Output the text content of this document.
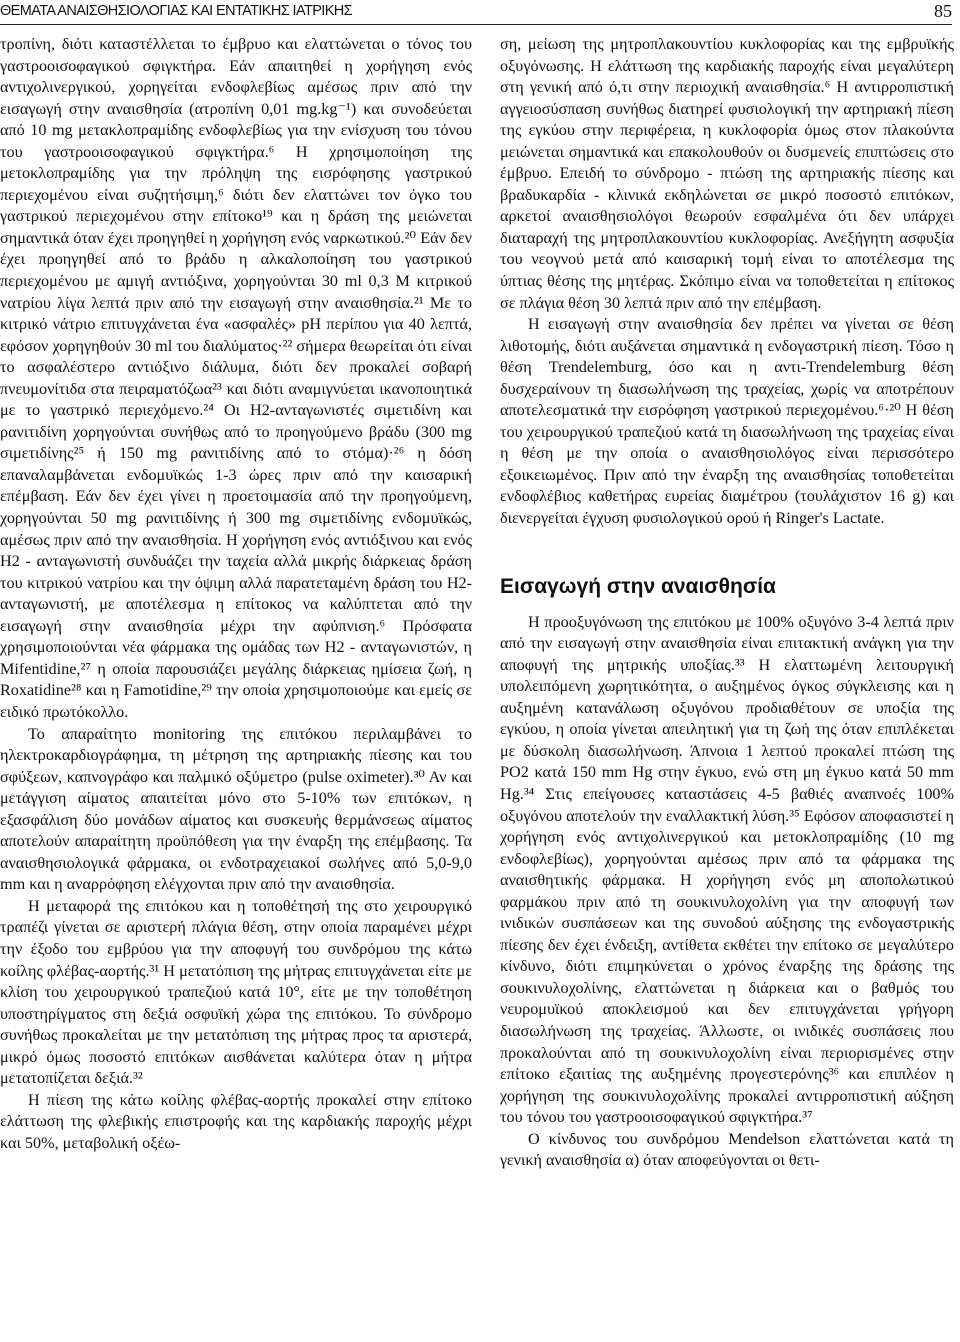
ΘΕΜΑΤΑ ΑΝΑΙΣΘΗΣΙΟΛΟΓΙΑΣ ΚΑΙ ΕΝΤΑΤΙΚΗΣ ΙΑΤΡΙΚΗΣ	85

τροπίνη, διότι καταστέλλεται το έμβρυο και ελαττώνεται ο τόνος του γαστροοισοφαγικού σφιγκτήρα. Εάν απαιτηθεί η χορήγηση ενός αντιχολινεργικού, χορηγείται ενδοφλεβίως αμέσως πριν από την εισαγωγή στην αναισθησία (ατροπίνη 0,01 mg.kg⁻¹) και συνοδεύεται από 10 mg μετακλοπραμίδης ενδοφλεβίως για την ενίσχυση του τόνου του γαστροοισοφαγικού σφιγκτήρα.⁶ Η χρησιμοποίηση της μετοκλοπραμίδης για την πρόληψη της εισρόφησης γαστρικού περιεχομένου είναι συζητήσιμη,⁶ διότι δεν ελαττώνει τον όγκο του γαστρικού περιεχομένου στην επίτοκο¹⁹ και η δράση της μειώνεται σημαντικά όταν έχει προηγηθεί η χορήγηση ενός ναρκωτικού.²⁰ Εάν δεν έχει προηγηθεί από το βράδυ η αλκαλοποίηση του γαστρικού περιεχομένου με αμιγή αντιόξινα, χορηγούνται 30 ml 0,3 Μ κιτρικού νατρίου λίγα λεπτά πριν από την εισαγωγή στην αναισθησία.²¹ Με το κιτρικό νάτριο επιτυγχάνεται ένα «ασφαλές» pH περίπου για 40 λεπτά, εφόσον χορηγηθούν 30 ml του διαλύματος·²² σήμερα θεωρείται ότι είναι το ασφαλέστερο αντιόξινο διάλυμα, διότι δεν προκαλεί σοβαρή πνευμονίτιδα στα πειραματόζωα²³ και διότι αναμιγνύεται ικανοποιητικά με το γαστρικό περιεχόμενο.²⁴ Οι Η2-ανταγωνιστές σιμετιδίνη και ρανιτιδίνη χορηγούνται συνήθως από το προηγούμενο βράδυ (300 mg σιμετιδίνης²⁵ ή 150 mg ρανιτιδίνης από το στόμα)·²⁶ η δόση επαναλαμβάνεται ενδομυϊκώς 1-3 ώρες πριν από την καισαρική επέμβαση. Εάν δεν έχει γίνει η προετοιμασία από την προηγούμενη, χορηγούνται 50 mg ρανιτιδίνης ή 300 mg σιμετιδίνης ενδομυϊκώς, αμέσως πριν από την αναισθησία. Η χορήγηση ενός αντιόξινου και ενός Η2 - ανταγωνιστή συνδυάζει την ταχεία αλλά μικρής διάρκειας δράση του κιτρικού νατρίου και την όψιμη αλλά παρατεταμένη δράση του Η2-ανταγωνιστή, με αποτέλεσμα η επίτοκος να καλύπτεται από την εισαγωγή στην αναισθησία μέχρι την αφύπνιση.⁶ Πρόσφατα χρησιμοποιούνται νέα φάρμακα της ομάδας των Η2 - ανταγωνιστών, η Mifentidine,²⁷ η οποία παρουσιάζει μεγάλης διάρκειας ημίσεια ζωή, η Roxatidine²⁸ και η Famotidine,²⁹ την οποία χρησιμοποιούμε και εμείς σε ειδικό πρωτόκολλο.

Το απαραίτητο monitoring της επιτόκου περιλαμβάνει το ηλεκτροκαρδιογράφημα, τη μέτρηση της αρτηριακής πίεσης και του σφύξεων, καπνογράφο και παλμικό οξύμετρο (pulse oximeter).³⁰ Αν και μετάγγιση αίματος απαιτείται μόνο στο 5-10% των επιτόκων, η εξασφάλιση δύο μονάδων αίματος και συσκευής θερμάνσεως αίματος αποτελούν απαραίτητη προϋπόθεση για την έναρξη της επέμβασης. Τα αναισθησιολογικά φάρμακα, οι ενδοτραχειακοί σωλήνες από 5,0-9,0 mm και η αναρρόφηση ελέγχονται πριν από την αναισθησία.

Η μεταφορά της επιτόκου και η τοποθέτησή της στο χειρουργικό τραπέζι γίνεται σε αριστερή πλάγια θέση, στην οποία παραμένει μέχρι την έξοδο του εμβρύου για την αποφυγή του συνδρόμου της κάτω κοίλης φλέβας-αορτής.³¹ Η μετατόπιση της μήτρας επιτυγχάνεται είτε με κλίση του χειρουργικού τραπεζιού κατά 10°, είτε με την τοποθέτηση υποστηρίγματος στη δεξιά οσφυϊκή χώρα της επιτόκου. Το σύνδρομο συνήθως προκαλείται με την μετατόπιση της μήτρας προς τα αριστερά, μικρό όμως ποσοστό επιτόκων αισθάνεται καλύτερα όταν η μήτρα μετατοπίζεται δεξιά.³²

Η πίεση της κάτω κοίλης φλέβας-αορτής προκαλεί στην επίτοκο ελάττωση της φλεβικής επιστροφής και της καρδιακής παροχής μέχρι και 50%, μεταβολική οξέω-

ση, μείωση της μητροπλακουντίου κυκλοφορίας και της εμβρυϊκής οξυγόνωσης. Η ελάττωση της καρδιακής παροχής είναι μεγαλύτερη στη γενική από ό,τι στην περιοχική αναισθησία.⁶ Η αντιρροπιστική αγγειοσύσπαση συνήθως διατηρεί φυσιολογική την αρτηριακή πίεση της εγκύου στην περιφέρεια, η κυκλοφορία όμως στον πλακούντα μειώνεται σημαντικά και επακολουθούν οι δυσμενείς επιπτώσεις στο έμβρυο. Επειδή το σύνδρομο - πτώση της αρτηριακής πίεσης και βραδυκαρδία - κλινικά εκδηλώνεται σε μικρό ποσοστό επιτόκων, αρκετοί αναισθησιολόγοι θεωρούν εσφαλμένα ότι δεν υπάρχει διαταραχή της μητροπλακουντίου κυκλοφορίας. Ανεξήγητη ασφυξία του νεογνού μετά από καισαρική τομή είναι το αποτέλεσμα της ύπτιας θέσης της μητέρας. Σκόπιμο είναι να τοποθετείται η επίτοκος σε πλάγια θέση 30 λεπτά πριν από την επέμβαση.

Η εισαγωγή στην αναισθησία δεν πρέπει να γίνεται σε θέση λιθοτομής, διότι αυξάνεται σημαντικά η ενδογαστρική πίεση. Τόσο η θέση Trendelemburg, όσο και η αντι-Trendelemburg θέση δυσχεραίνουν τη διασωλήνωση της τραχείας, χωρίς να αποτρέπουν αποτελεσματικά την εισρόφηση γαστρικού περιεχομένου.⁶·²⁰ Η θέση του χειρουργικού τραπεζιού κατά τη διασωλήνωση της τραχείας είναι η θέση με την οποία ο αναισθησιολόγος είναι περισσότερο εξοικειωμένος. Πριν από την έναρξη της αναισθησίας τοποθετείται ενδοφλέβιος καθετήρας ευρείας διαμέτρου (τουλάχιστον 16 g) και διενεργείται έγχυση φυσιολογικού ορού ή Ringer's Lactate.

Εισαγωγή στην αναισθησία

Η προοξυγόνωση της επιτόκου με 100% οξυγόνο 3-4 λεπτά πριν από την εισαγωγή στην αναισθησία είναι επιτακτική ανάγκη για την αποφυγή της μητρικής υποξίας.³³ Η ελαττωμένη λειτουργική υπολειπόμενη χωρητικότητα, ο αυξημένος όγκος σύγκλεισης και η αυξημένη κατανάλωση οξυγόνου προδιαθέτουν σε υποξία της εγκύου, η οποία γίνεται απειλητική για τη ζωή της όταν επιπλέκεται με δύσκολη διασωλήνωση. Άπνοια 1 λεπτού προκαλεί πτώση της PO2 κατά 150 mm Hg στην έγκυο, ενώ στη μη έγκυο κατά 50 mm Hg.³⁴ Στις επείγουσες καταστάσεις 4-5 βαθιές αναπνοές 100% οξυγόνου αποτελούν την εναλλακτική λύση.³⁵ Εφόσον αποφασιστεί η χορήγηση ενός αντιχολινεργικού και μετοκλοπραμίδης (10 mg ενδοφλεβίως), χορηγούνται αμέσως πριν από τα φάρμακα της αναισθητικής φάρμακα. Η χορήγηση ενός μη αποπολωτικού φαρμάκου πριν από τη σουκινυλοχολίνη για την αποφυγή των ινιδικών συσπάσεων και της συνοδού αύξησης της ενδογαστρικής πίεσης δεν έχει ένδειξη, αντίθετα εκθέτει την επίτοκο σε μεγαλύτερο κίνδυνο, διότι επιμηκύνεται ο χρόνος έναρξης της δράσης της σουκινυλοχολίνης, ελαττώνεται η διάρκεια και ο βαθμός του νευρομυϊκού αποκλεισμού και δεν επιτυγχάνεται γρήγορη διασωλήνωση της τραχείας. Άλλωστε, οι ινιδικές συσπάσεις που προκαλούνται από τη σουκινυλοχολίνη είναι περιορισμένες στην επίτοκο εξαιτίας της αυξημένης προγεστερόνης³⁶ και επιπλέον η χορήγηση της σουκινυλοχολίνης προκαλεί αντιρροπιστική αύξηση του τόνου του γαστροοισοφαγικού σφιγκτήρα.³⁷

Ο κίνδυνος του συνδρόμου Mendelson ελαττώνεται κατά τη γενική αναισθησία α) όταν αποφεύγονται οι θετι-
